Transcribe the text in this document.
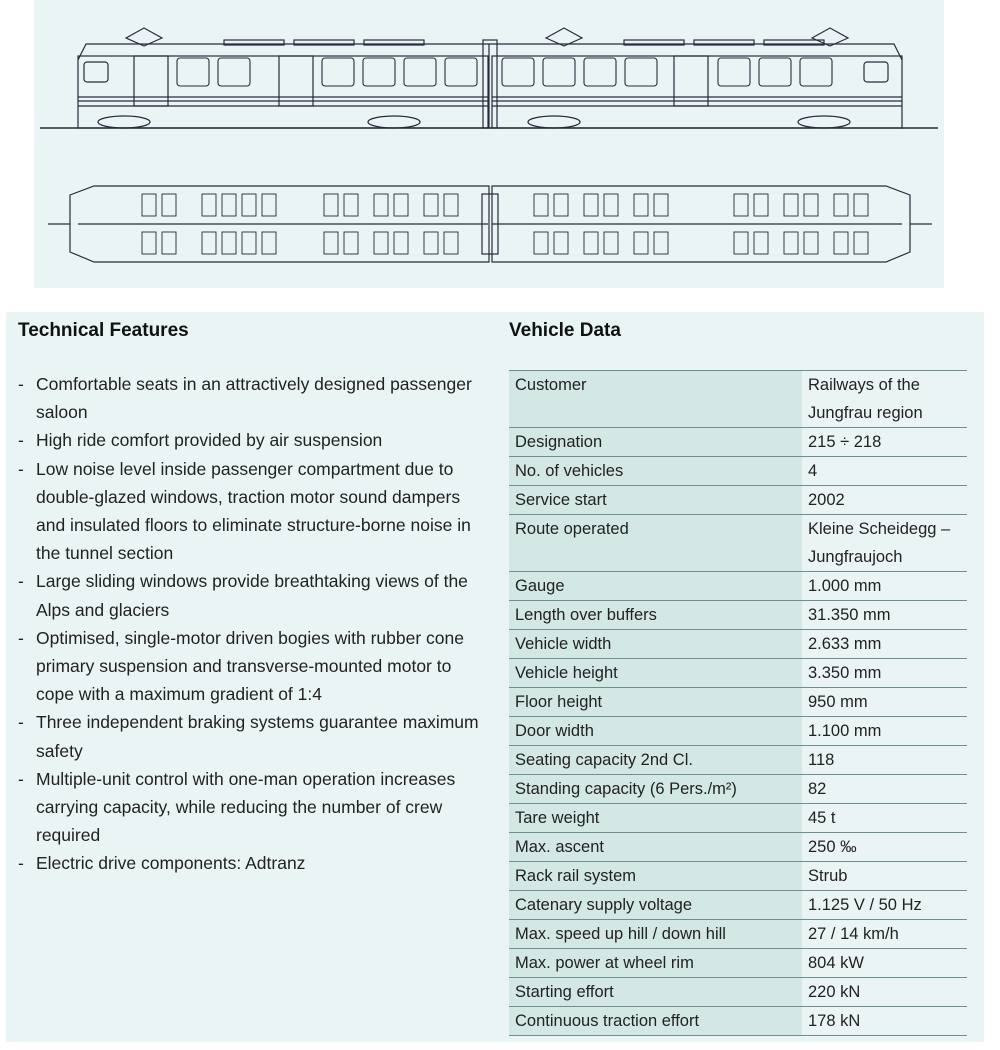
Technical Features
- Comfortable seats in an attractively designed passenger saloon
- High ride comfort provided by air suspension
- Low noise level inside passenger compartment due to double-glazed windows, traction motor sound dampers and insulated floors to eliminate structure-borne noise in the tunnel section
- Large sliding windows provide breathtaking views of the Alps and glaciers
- Optimised, single-motor driven bogies with rubber cone primary suspension and transverse-mounted motor to cope with a maximum gradient of 1:4
- Three independent braking systems guarantee maximum safety
- Multiple-unit control with one-man operation increases carrying capacity, while reducing the number of crew required
- Electric drive components: Adtranz
Vehicle Data
Customer	Railways of the Jungfrau region
Designation	215 ÷ 218
No. of vehicles	4
Service start	2002
Route operated	Kleine Scheidegg – Jungfraujoch
Gauge	1.000 mm
Length over buffers	31.350 mm
Vehicle width	2.633 mm
Vehicle height	3.350 mm
Floor height	950 mm
Door width	1.100 mm
Seating capacity 2nd Cl.	118
Standing capacity (6 Pers./m²)	82
Tare weight	45 t
Max. ascent	250 ‰
Rack rail system	Strub
Catenary supply voltage	1.125 V / 50 Hz
Max. speed up hill / down hill	27 / 14 km/h
Max. power at wheel rim	804 kW
Starting effort	220 kN
Continuous traction effort	178 kN
